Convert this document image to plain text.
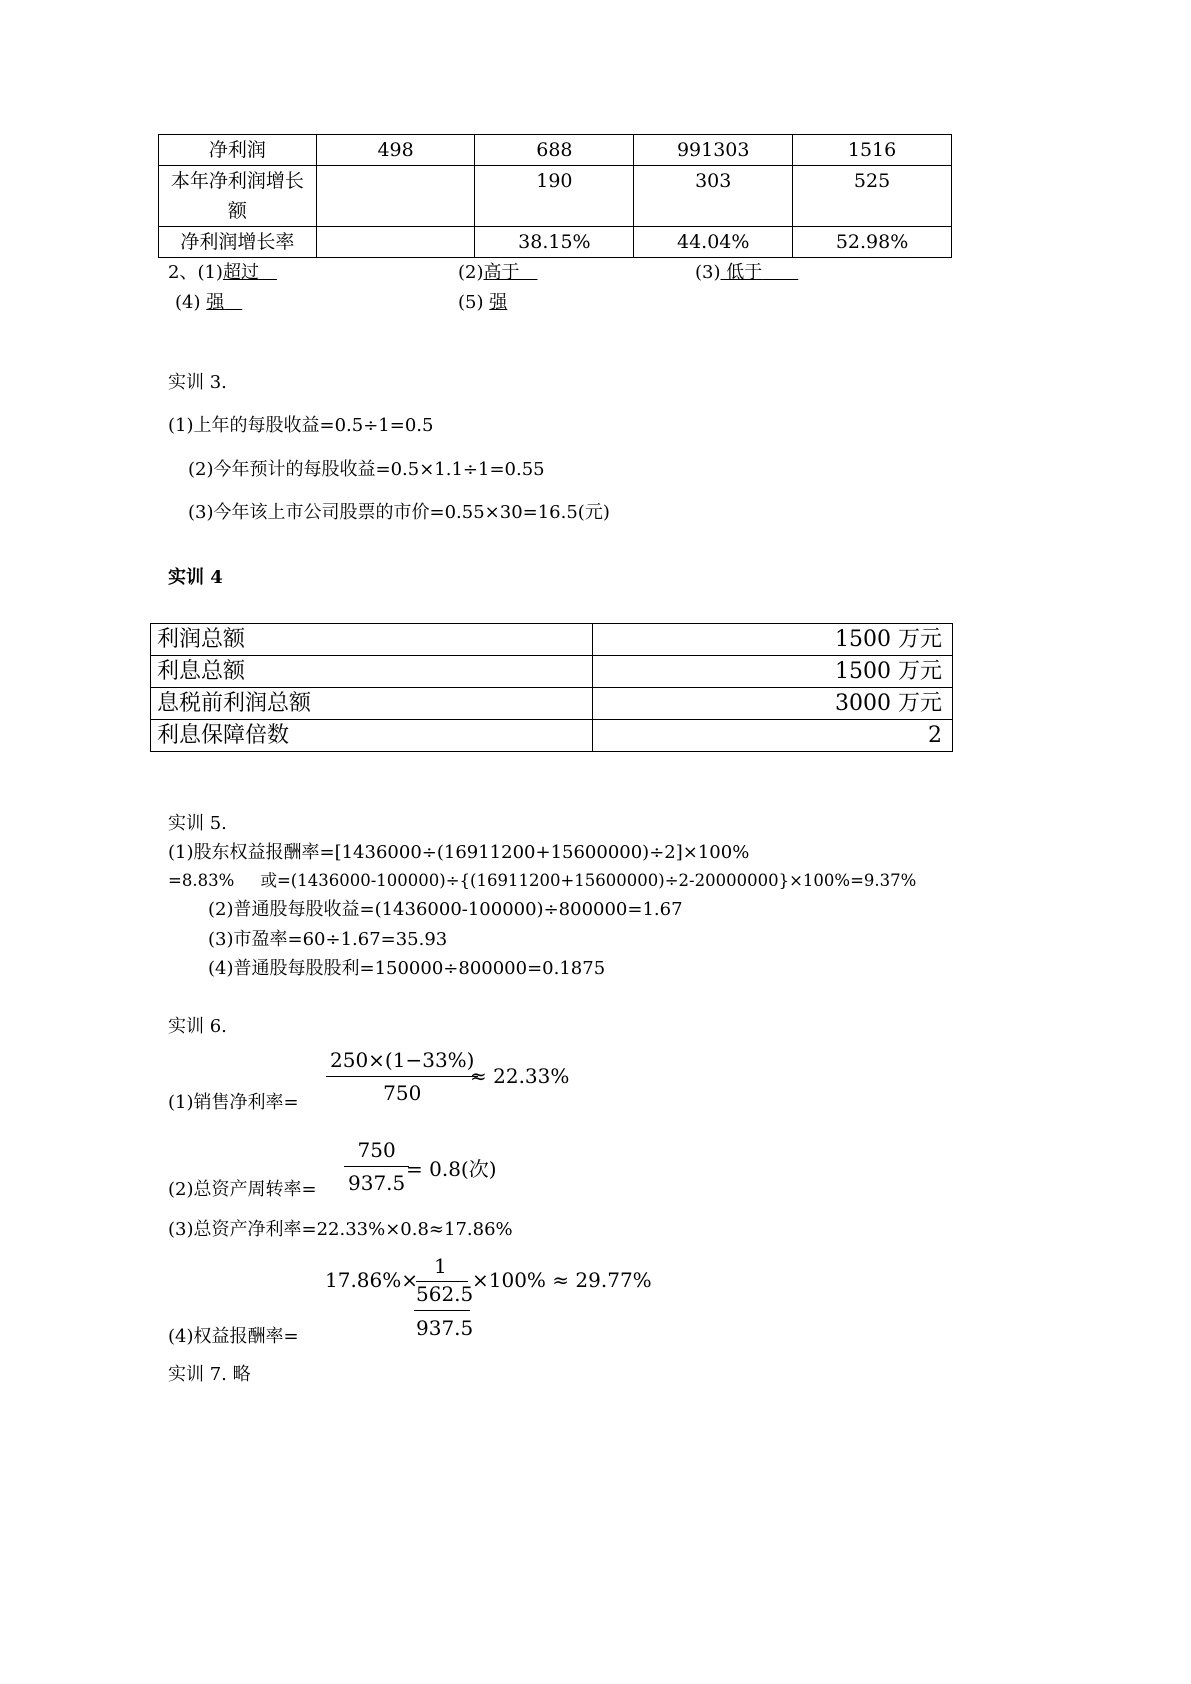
净利润	498	688	991303	1516

本年净利润增长
额		190	303	525
净利润增长率		38.15%	44.04%	52.98%
2、(1)超过 	(2)高于 	(3) 低于  
(4) 强 	(5) 强
实训 3.
(1)上年的每股收益=0.5÷1=0.5
(2)今年预计的每股收益=0.5×1.1÷1=0.55
(3)今年该上市公司股票的市价=0.55×30=16.5(元)
实训 4
利润总额	1500 万元
利息总额	1500 万元
息税前利润总额	3000 万元
利息保障倍数	2
实训 5.
(1)股东权益报酬率=[1436000÷(16911200+15600000)÷2]×100%
=8.83%     或=(1436000-100000)÷{(16911200+15600000)÷2-20000000}×100%=9.37%
(2)普通股每股收益=(1436000-100000)÷800000=1.67
(3)市盈率=60÷1.67=35.93
(4)普通股每股股利=150000÷800000=0.1875
实训 6.
(1)销售净利率= $\frac{250\times(1-33\%)}{750}$
≈ 22.33%
(2)总资产周转率= $\frac{750}{937.5}$
= 0.8(次)
(3)总资产净利率=22.33%×0.8≈17.86%
17.86%×
1
562.5
937.5
×100% ≈ 29.77%
(4)权益报酬率=
实训 7. 略
